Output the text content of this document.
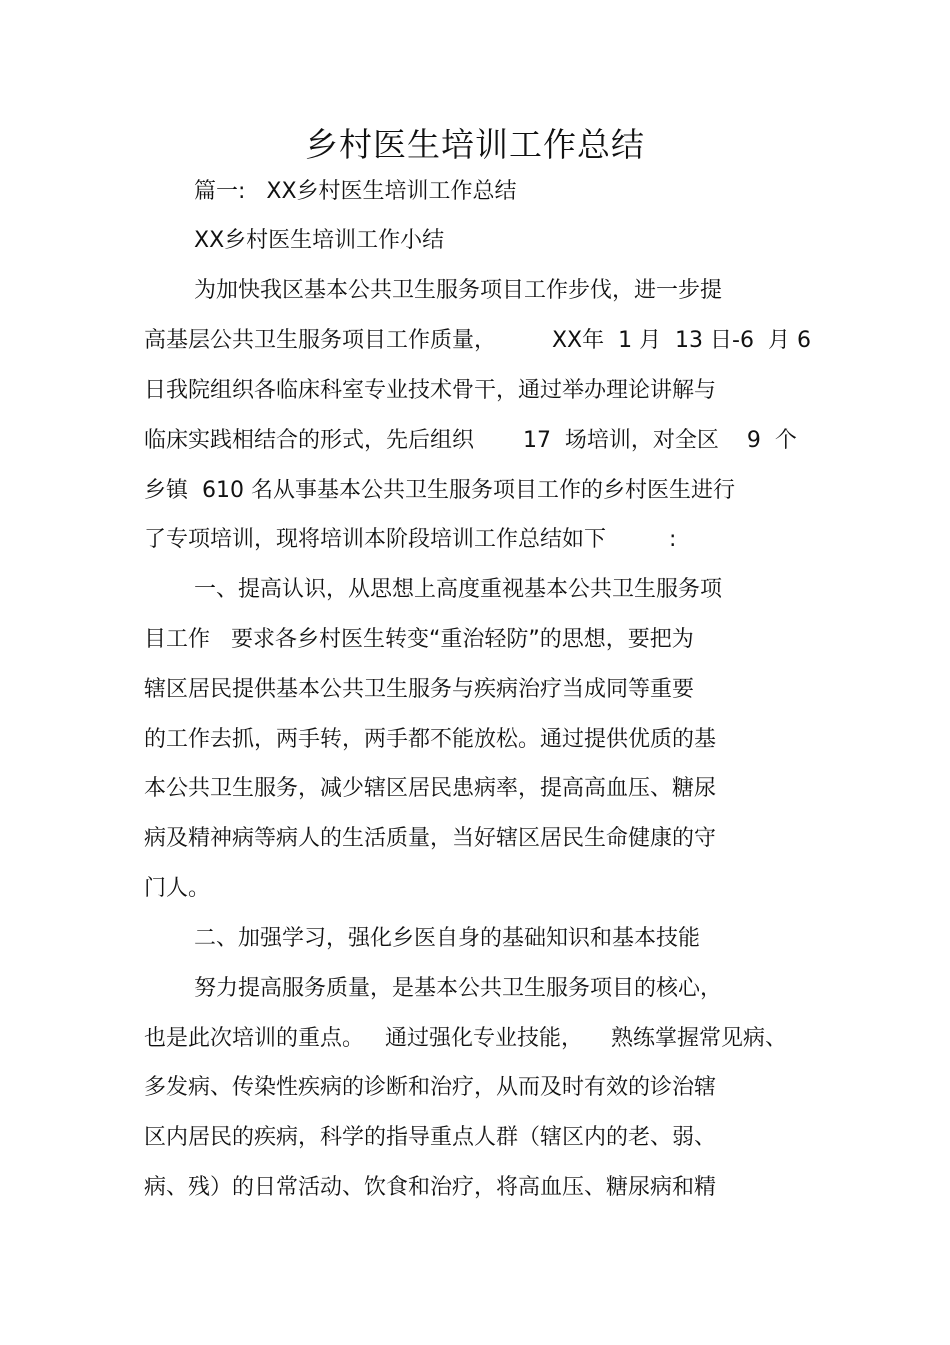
乡村医生培训工作总结

篇一:   XX乡村医生培训工作总结

XX乡村医生培训工作小结

为加快我区基本公共卫生服务项目工作步伐，进一步提

高基层公共卫生服务项目工作质量，        XX年  1 月  13 日-6  月 6

日我院组织各临床科室专业技术骨干，通过举办理论讲解与

临床实践相结合的形式，先后组织       17  场培训，对全区    9  个

乡镇  610 名从事基本公共卫生服务项目工作的乡村医生进行

了专项培训，现将培训本阶段培训工作总结如下         :

一、提高认识，从思想上高度重视基本公共卫生服务项

目工作   要求各乡村医生转变“重治轻防”的思想，要把为

辖区居民提供基本公共卫生服务与疾病治疗当成同等重要

的工作去抓，两手转，两手都不能放松。通过提供优质的基

本公共卫生服务，减少辖区居民患病率，提高高血压、糖尿

病及精神病等病人的生活质量，当好辖区居民生命健康的守

门人。

二、加强学习，强化乡医自身的基础知识和基本技能

努力提高服务质量，是基本公共卫生服务项目的核心，

也是此次培训的重点。   通过强化专业技能，    熟练掌握常见病、

多发病、传染性疾病的诊断和治疗，从而及时有效的诊治辖

区内居民的疾病，科学的指导重点人群（辖区内的老、弱、

病、残）的日常活动、饮食和治疗，将高血压、糖尿病和精
